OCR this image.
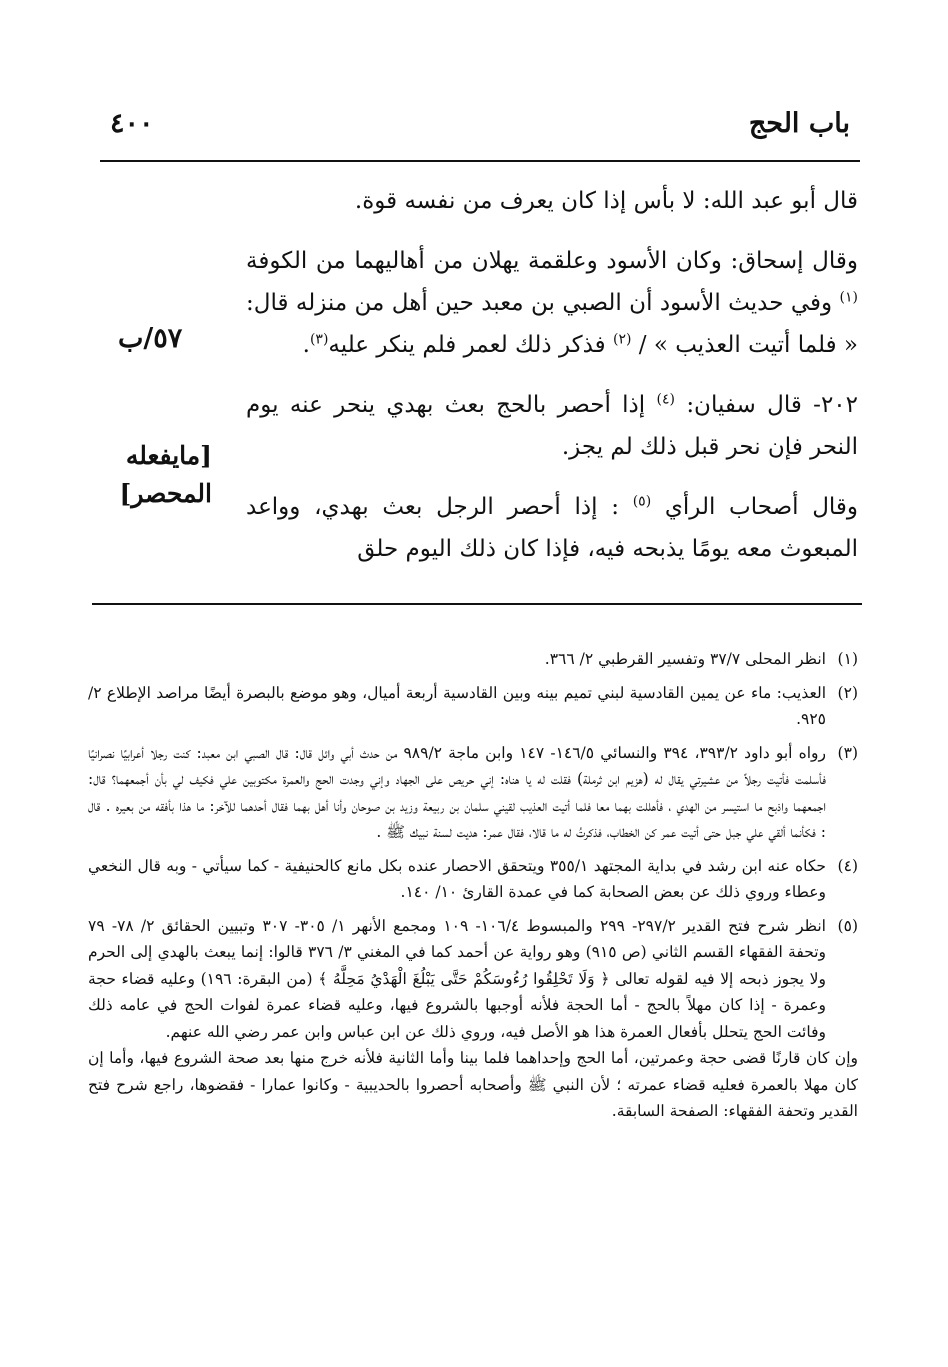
باب الحج
٤٠٠
٥٧/ب
[مايفعله
المحصر]

قال أبو عبد الله: لا بأس إذا كان يعرف من نفسه قوة.

وقال إسحاق: وكان الأسود وعلقمة يهلان من أهاليهما من الكوفة $^{(١)}$ وفي حديث الأسود أن الصبي بن معبد حين أهل من منزله قال: « فلما أتيت العذيب » / $^{(٢)}$ فذكر ذلك لعمر فلم ينكر عليه$^{(٣)}$.

٢٠٢- قال سفيان: $^{(٤)}$ إذا أحصر بالحج بعث بهدي ينحر عنه يوم النحر فإن نحر قبل ذلك لم يجز.

وقال أصحاب الرأي $^{(٥)}$ : إذا أحصر الرجل بعث بهدي، وواعد المبعوث معه يومًا يذبحه فيه، فإذا كان ذلك اليوم حلق

(١)
انظر المحلى ٣٧/٧ وتفسير القرطبي ٢/ ٣٦٦.
(٢)
العذيب: ماء عن يمين القادسية لبني تميم بينه وبين القادسية أربعة أميال، وهو موضع بالبصرة أيضًا مراصد الإطلاع ٢/ ٩٢٥.
(٣)
رواه أبو داود ٣٩٣/٢، ٣٩٤ والنسائي ١٤٦/٥- ١٤٧ وابن ماجة ٩٨٩/٢ من حدث أبي وائل قال: قال الصبي ابن معبد: كنت رجلا أعرابيًا نصرانيًا فأسلمت فأتيت رجلاً من عشيرتي يقال له (هزيم ابن ثرملة) فقلت له يا هناه: إني حريص على الجهاد وإني وجدت الحج والعمرة مكتوبين علي فكيف لي بأن أجمعهما؟ قال: اجمعهما واذبح ما استيسر من الهدي ، فأهللت بهما معا فلما أتيت العذيب لقيني سلمان بن ربيعة وزيد بن صوحان وأنا أهل بهما فقال أحدهما للآخر: ما هذا بأفقه من بعيره . قال : فكأنما ألقي علي جبل حتى أتيت عمر كن الخطاب، فذكرتُ له ما قالا، فقال عمر: هديت لسنة نبيك ﷺ .
(٤)
حكاه عنه ابن رشد في بداية المجتهد ٣٥٥/١ ويتحقق الاحصار عنده بكل مانع كالحنيفية - كما سيأتي - وبه قال النخعي وعطاء وروي ذلك عن بعض الصحابة كما في عمدة القارئ ١٠/ ١٤٠.
(٥)
انظر شرح فتح القدير ٢٩٧/٢- ٢٩٩ والمبسوط ١٠٦/٤- ١٠٩ ومجمع الأنهر ١/ ٣٠٥- ٣٠٧ وتبيين الحقائق ٢/ ٧٨- ٧٩ وتحفة الفقهاء القسم الثاني (ص ٩١٥) وهو رواية عن أحمد كما في المغني ٣/ ٣٧٦ قالوا: إنما يبعث بالهدي إلى الحرم ولا يجوز ذبحه إلا فيه لقوله تعالى ﴿ وَلَا تَحْلِقُوا رُءُوسَكُمْ حَتَّى يَبْلُغَ الْهَدْيُ مَحِلَّهُ ﴾ (من البقرة: ١٩٦) وعليه قضاء حجة وعمرة - إذا كان مهلاً بالحج - أما الحجة فلأنه أوجبها بالشروع فيها، وعليه قضاء عمرة لفوات الحج في عامه ذلك وفائت الحج يتحلل بأفعال العمرة هذا هو الأصل فيه، وروي ذلك عن ابن عباس وابن عمر رضي الله عنهم.
وإن كان قارنًا قضى حجة وعمرتين، أما الحج وإحداهما فلما بينا وأما الثانية فلأنه خرج منها بعد صحة الشروع فيها، وأما إن كان مهلا بالعمرة فعليه قضاء عمرته ؛ لأن النبي ﷺ وأصحابه أحصروا بالحديبية - وكانوا عمارا - فقضوها، راجع شرح فتح القدير وتحفة الفقهاء: الصفحة السابقة.
